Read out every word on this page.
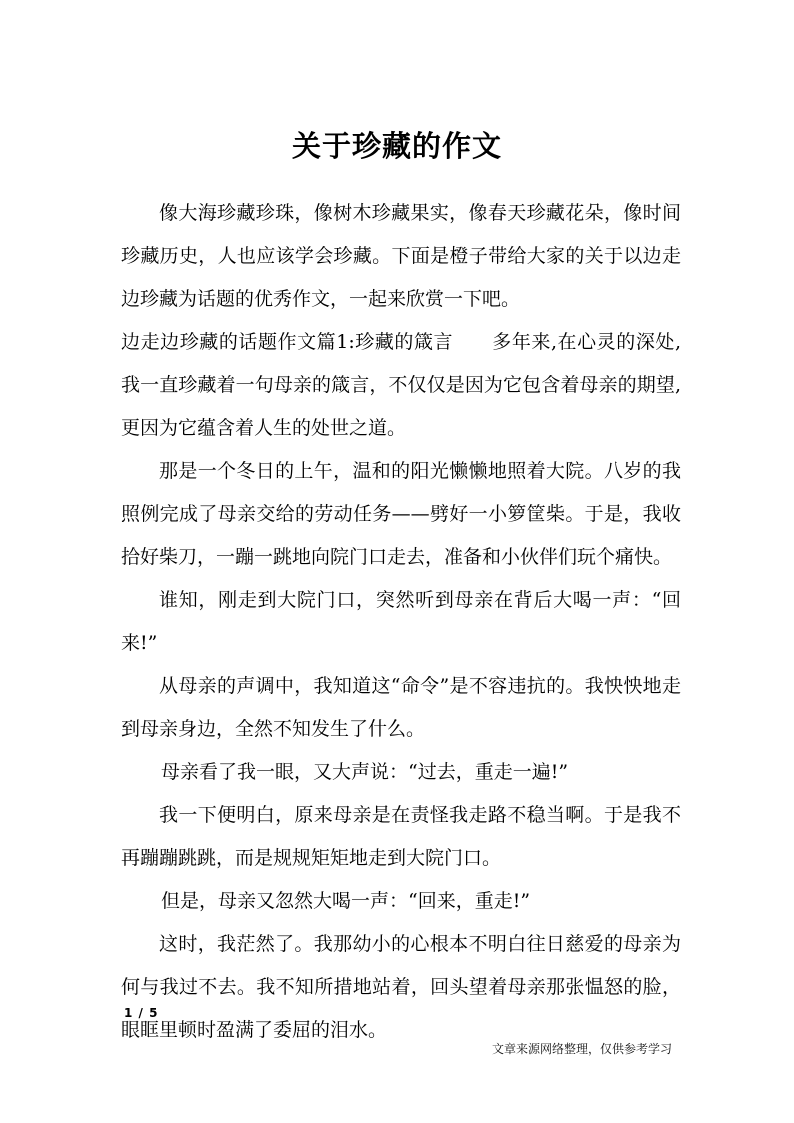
关于珍藏的作文

像大海珍藏珍珠，像树木珍藏果实，像春天珍藏花朵，像时间珍藏历史，人也应该学会珍藏。下面是橙子带给大家的关于以边走边珍藏为话题的优秀作文，一起来欣赏一下吧。

边走边珍藏的话题作文篇1:珍藏的箴言　　多年来,在心灵的深处,我一直珍藏着一句母亲的箴言，不仅仅是因为它包含着母亲的期望,更因为它蕴含着人生的处世之道。

那是一个冬日的上午，温和的阳光懒懒地照着大院。八岁的我照例完成了母亲交给的劳动任务——劈好一小箩筐柴。于是，我收拾好柴刀，一蹦一跳地向院门口走去，准备和小伙伴们玩个痛快。

谁知，刚走到大院门口，突然听到母亲在背后大喝一声：“回来!”

从母亲的声调中，我知道这“命令”是不容违抗的。我怏怏地走到母亲身边，全然不知发生了什么。

母亲看了我一眼，又大声说：“过去，重走一遍!”

我一下便明白，原来母亲是在责怪我走路不稳当啊。于是我不再蹦蹦跳跳，而是规规矩矩地走到大院门口。

但是，母亲又忽然大喝一声：“回来，重走!”

这时，我茫然了。我那幼小的心根本不明白往日慈爱的母亲为何与我过不去。我不知所措地站着，回头望着母亲那张愠怒的脸，眼眶里顿时盈满了委屈的泪水。

1 / 5
文章来源网络整理，仅供参考学习
